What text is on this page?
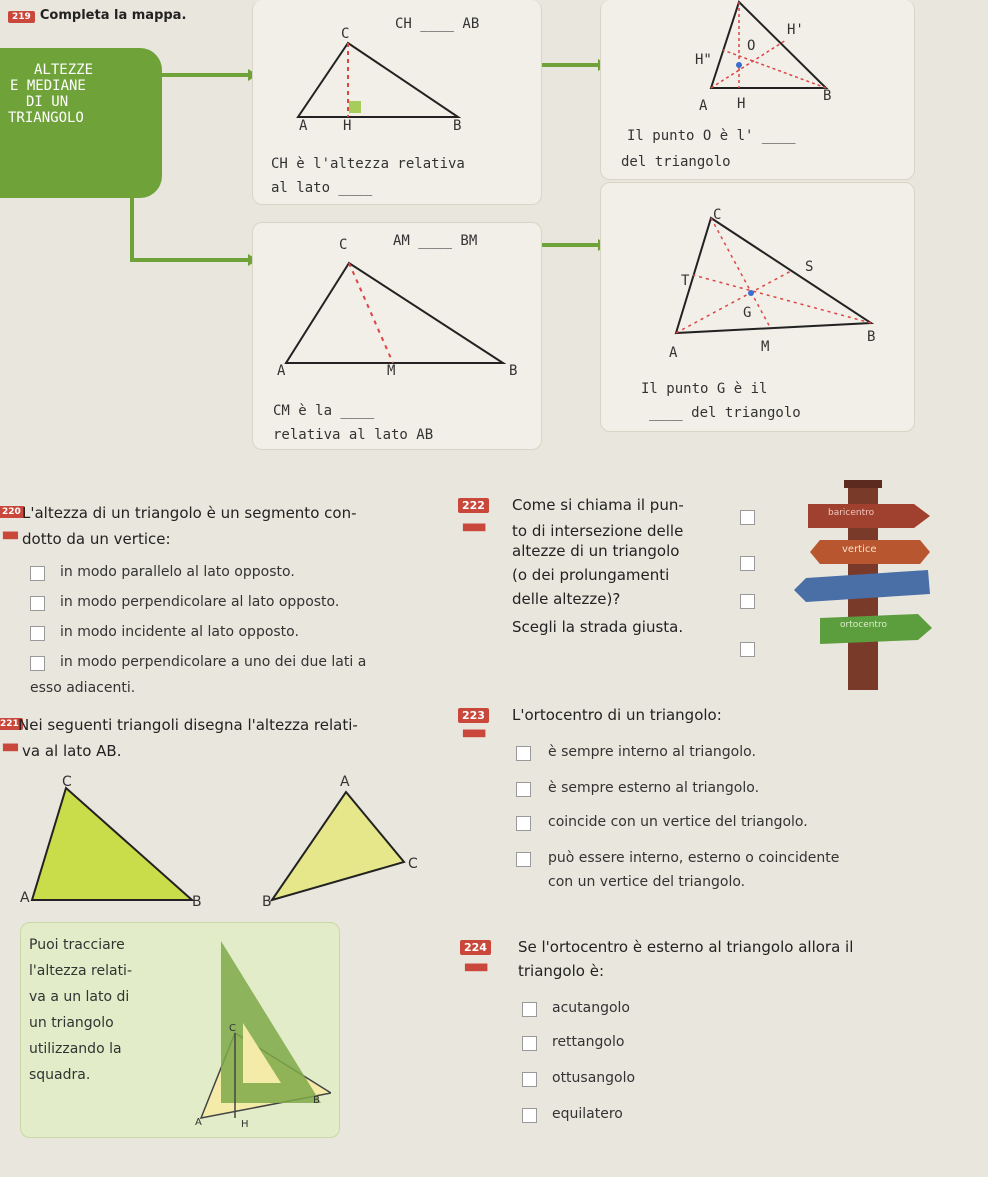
219 Completa la mappa.
ALTEZZE
E MEDIANE
DI UN
TRIANGOLO
C
CH ____ AB
A	H	B
CH è l'altezza relativa
al lato ____
H'
H"
O
A H	B
Il punto O è l' ____
del triangolo
C	AM ____ BM
A	M	B
CM è la ____
relativa al lato AB
C
T
S
G
A	M
B
Il punto G è il
____ del triangolo
220 L'altezza di un triangolo è un segmento con-
■■ dotto da un vertice:
in modo parallelo al lato opposto.
in modo perpendicolare al lato opposto.
in modo incidente al lato opposto.
in modo perpendicolare a uno dei due lati a
esso adiacenti.
222 Come si chiama il pun-
■■■ to di intersezione delle
altezze di un triangolo
(o dei prolungamenti
delle altezze)?
Scegli la strada giusta.
baricentro
vertice
ortocentro
221 Nei seguenti triangoli disegna l'altezza relati-
■■ va al lato AB.
C
A	B
A
C
B
223 L'ortocentro di un triangolo:
■■■
è sempre interno al triangolo.
è sempre esterno al triangolo.
coincide con un vertice del triangolo.
può essere interno, esterno o coincidente
con un vertice del triangolo.
Puoi tracciare
l'altezza relati-
va a un lato di
un triangolo
utilizzando la
squadra.
C
A	H
B
224 Se l'ortocentro è esterno al triangolo allora il
■■■ triangolo è:
acutangolo
rettangolo
ottusangolo
equilatero
